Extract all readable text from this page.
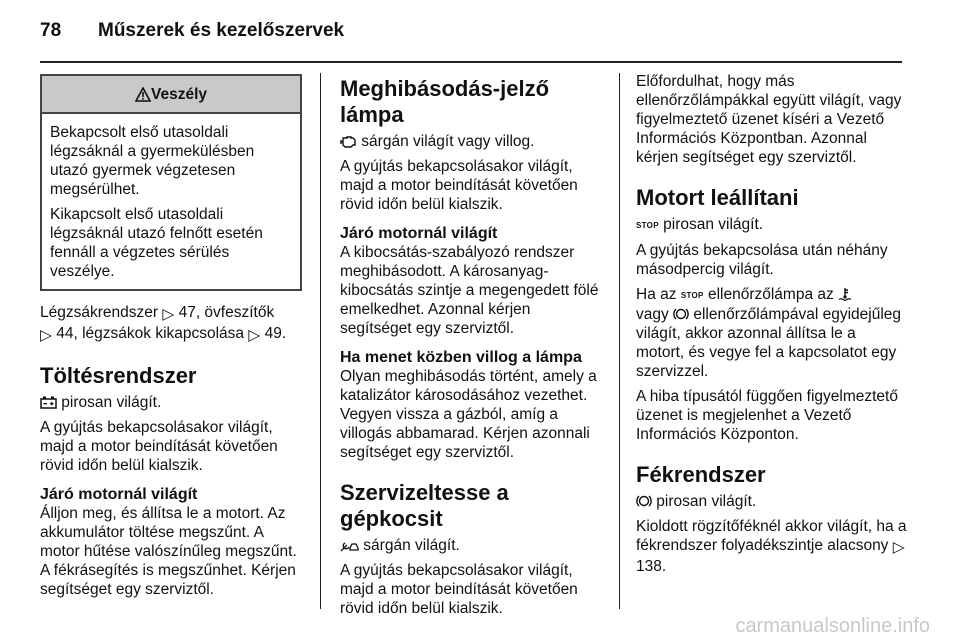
78	Műszerek és kezelőszervek
Veszély

Bekapcsolt első utasoldali légzsáknál a gyermekülésben utazó gyermek végzetesen megsérülhet.

Kikapcsolt első utasoldali légzsáknál utazó felnőtt esetén fennáll a végzetes sérülés veszélye.

Légzsákrendszer ▷ 47, övfeszítők
▷ 44, légzsákok kikapcsolása ▷ 49.

Töltésrendszer

pirosan világít.

A gyújtás bekapcsolásakor világít, majd a motor beindítását követően rövid időn belül kialszik.

Járó motornál világít

Álljon meg, és állítsa le a motort. Az akkumulátor töltése megszűnt. A motor hűtése valószínűleg megszűnt. A fékrásegítés is megszűnhet. Kérjen segítséget egy szerviztől.

Meghibásodás-jelző lámpa

sárgán világít vagy villog.

A gyújtás bekapcsolásakor világít, majd a motor beindítását követően rövid időn belül kialszik.

Járó motornál világít

A kibocsátás-szabályozó rendszer meghibásodott. A károsanyag-kibocsátás szintje a megengedett fölé emelkedhet. Azonnal kérjen segítséget egy szerviztől.

Ha menet közben villog a lámpa

Olyan meghibásodás történt, amely a katalizátor károsodásához vezethet. Vegyen vissza a gázból, amíg a villogás abbamarad. Kérjen azonnali segítséget egy szerviztől.

Szervizeltesse a gépkocsit

sárgán világít.

A gyújtás bekapcsolásakor világít, majd a motor beindítását követően rövid időn belül kialszik.

Előfordulhat, hogy más ellenőrzőlámpákkal együtt világít, vagy figyelmeztető üzenet kíséri a Vezető Információs Központban. Azonnal kérjen segítséget egy szerviztől.

Motort leállítani

STOP pirosan világít.

A gyújtás bekapcsolása után néhány másodpercig világít.

Ha az STOP ellenőrzőlámpa az
vagy  ellenőrzőlámpával egyidejűleg világít, akkor azonnal állítsa le a motort, és vegye fel a kapcsolatot egy szervizzel.

A hiba típusától függően figyelmeztető üzenet is megjelenhet a Vezető Információs Központon.

Fékrendszer

pirosan világít.

Kioldott rögzítőféknél akkor világít, ha a fékrendszer folyadékszintje alacsony ▷ 138.

carmanualsonline.info
